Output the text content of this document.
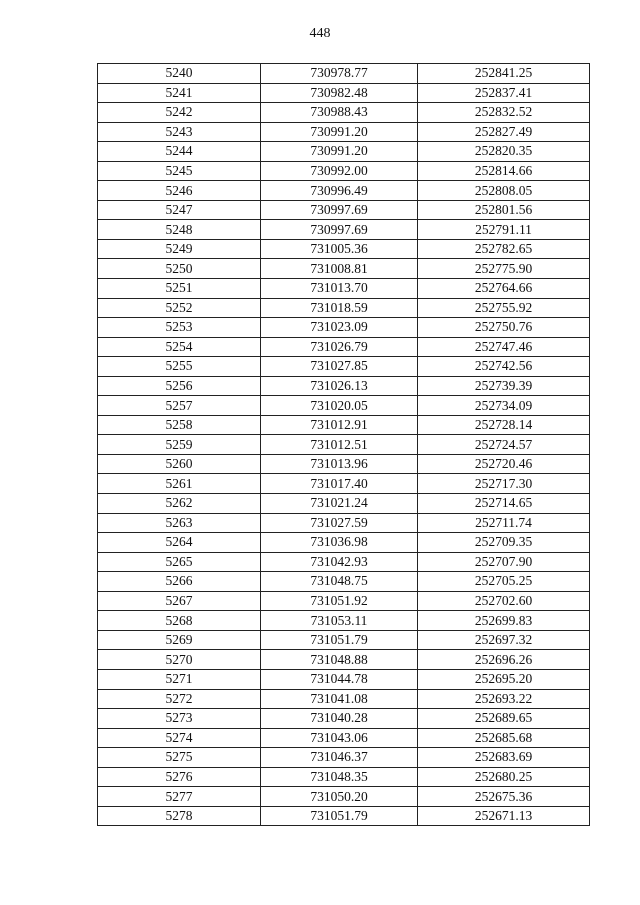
448
5240	730978.77	252841.25
5241	730982.48	252837.41
5242	730988.43	252832.52
5243	730991.20	252827.49
5244	730991.20	252820.35
5245	730992.00	252814.66
5246	730996.49	252808.05
5247	730997.69	252801.56
5248	730997.69	252791.11
5249	731005.36	252782.65
5250	731008.81	252775.90
5251	731013.70	252764.66
5252	731018.59	252755.92
5253	731023.09	252750.76
5254	731026.79	252747.46
5255	731027.85	252742.56
5256	731026.13	252739.39
5257	731020.05	252734.09
5258	731012.91	252728.14
5259	731012.51	252724.57
5260	731013.96	252720.46
5261	731017.40	252717.30
5262	731021.24	252714.65
5263	731027.59	252711.74
5264	731036.98	252709.35
5265	731042.93	252707.90
5266	731048.75	252705.25
5267	731051.92	252702.60
5268	731053.11	252699.83
5269	731051.79	252697.32
5270	731048.88	252696.26
5271	731044.78	252695.20
5272	731041.08	252693.22
5273	731040.28	252689.65
5274	731043.06	252685.68
5275	731046.37	252683.69
5276	731048.35	252680.25
5277	731050.20	252675.36
5278	731051.79	252671.13
